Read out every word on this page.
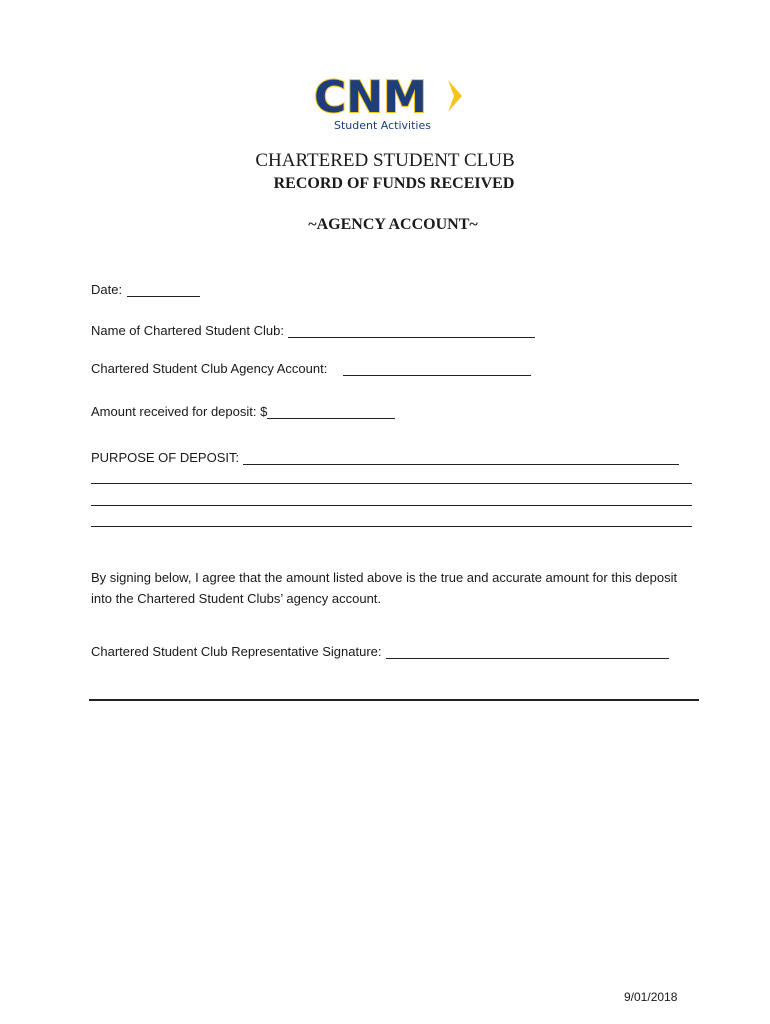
CNM
Student Activities
CHARTERED STUDENT CLUB
RECORD OF FUNDS RECEIVED
~AGENCY ACCOUNT~
Date:
Name of Chartered Student Club:
Chartered Student Club Agency Account:
Amount received for deposit: $
PURPOSE OF DEPOSIT:
By signing below, I agree that the amount listed above is the true and accurate amount for this deposit into the Chartered Student Clubs’ agency account.
Chartered Student Club Representative Signature:
9/01/2018
